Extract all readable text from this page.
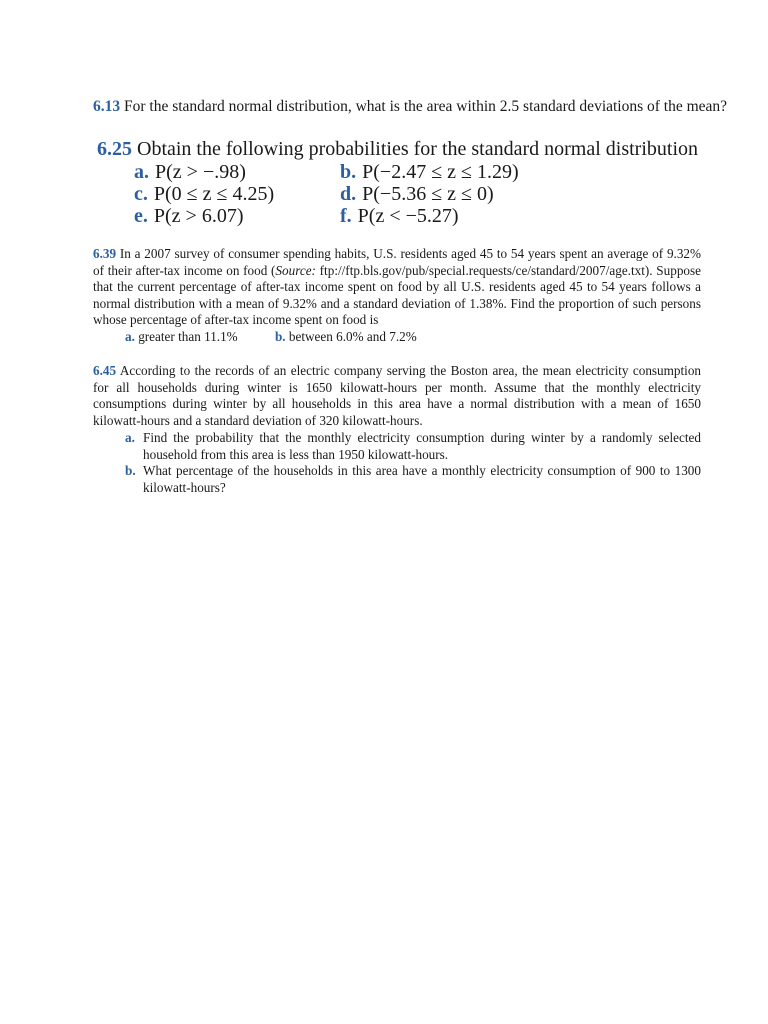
6.13 For the standard normal distribution, what is the area within 2.5 standard deviations of the mean?
6.25 Obtain the following probabilities for the standard normal distribution
a. P(z > −.98)	b. P(−2.47 ≤ z ≤ 1.29)
c. P(0 ≤ z ≤ 4.25)	d. P(−5.36 ≤ z ≤ 0)
e. P(z > 6.07)	f. P(z < −5.27)
6.39 In a 2007 survey of consumer spending habits, U.S. residents aged 45 to 54 years spent an average of 9.32% of their after-tax income on food (Source: ftp://ftp.bls.gov/pub/special.requests/ce/standard/2007/age.txt). Suppose that the current percentage of after-tax income spent on food by all U.S. residents aged 45 to 54 years follows a normal distribution with a mean of 9.32% and a standard deviation of 1.38%. Find the proportion of such persons whose percentage of after-tax income spent on food is
a. greater than 11.1%	b. between 6.0% and 7.2%
6.45 According to the records of an electric company serving the Boston area, the mean electricity consumption for all households during winter is 1650 kilowatt-hours per month. Assume that the monthly electricity consumptions during winter by all households in this area have a normal distribution with a mean of 1650 kilowatt-hours and a standard deviation of 320 kilowatt-hours.
a. Find the probability that the monthly electricity consumption during winter by a randomly selected household from this area is less than 1950 kilowatt-hours.
b. What percentage of the households in this area have a monthly electricity consumption of 900 to 1300 kilowatt-hours?
